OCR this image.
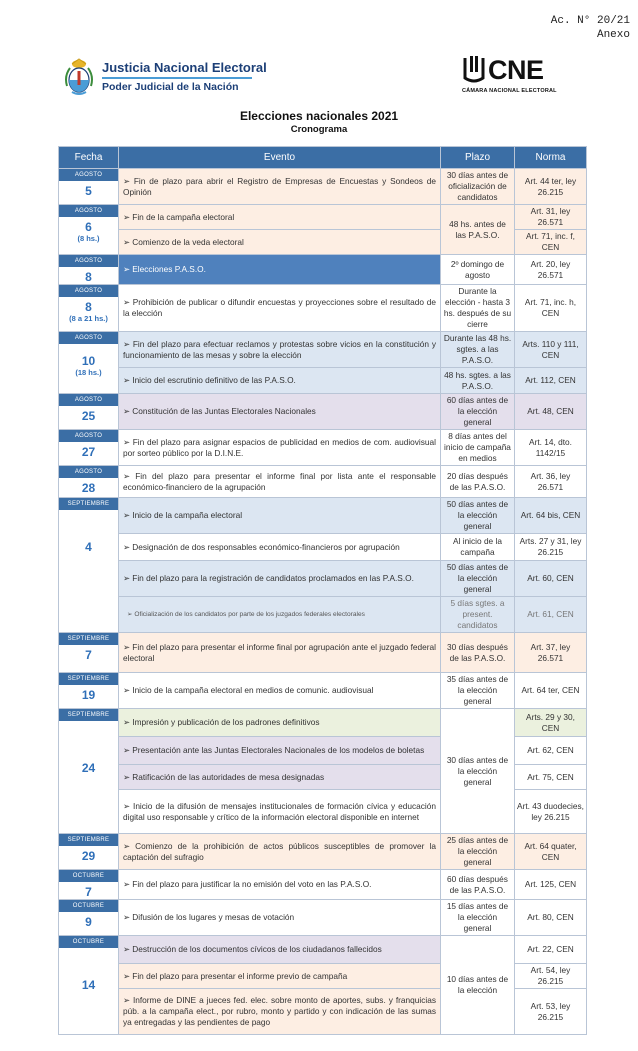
Ac. N° 20/21
Anexo
Justicia Nacional Electoral
Poder Judicial de la Nación
CNE
CÁMARA NACIONAL ELECTORAL
Elecciones nacionales 2021
Cronograma
Fecha	Evento	Plazo	Norma

AGOSTO
5	➢ Fin de plazo para abrir el Registro de Empresas de Encuestas y Sondeos de Opinión	30 días antes de oficialización de candidatos	Art. 44 ter, ley 26.215

AGOSTO
6
(8 hs.)	➢ Fin de la campaña electoral	48 hs. antes de las P.A.S.O.	Art. 31, ley 26.571
	➢ Comienzo de la veda electoral		Art. 71, inc. f, CEN

AGOSTO
8	➢ Elecciones P.A.S.O.	2º domingo de agosto	Art. 20, ley 26.571

AGOSTO
8
(8 a 21 hs.)	➢ Prohibición de publicar o difundir encuestas y proyecciones sobre el resultado de la elección	Durante la elección - hasta 3 hs. después de su cierre	Art. 71, inc. h, CEN

AGOSTO
10
(18 hs.)	➢ Fin del plazo para efectuar reclamos y protestas sobre vicios en la constitución y funcionamiento de las mesas y sobre la elección	Durante las 48 hs. sgtes. a las P.A.S.O.	Arts. 110 y 111, CEN
	➢ Inicio del escrutinio definitivo de las P.A.S.O.	48 hs. sgtes. a las P.A.S.O.	Art. 112, CEN

AGOSTO
25	➢ Constitución de las Juntas Electorales Nacionales	60 días antes de la elección general	Art. 48, CEN

AGOSTO
27	➢ Fin del plazo para asignar espacios de publicidad en medios de com. audiovisual por sorteo público por la D.I.N.E.	8 días antes del inicio de campaña en medios	Art. 14, dto. 1142/15

AGOSTO
28	➢ Fin del plazo para presentar el informe final por lista ante el responsable económico-financiero de la agrupación	20 días después de las P.A.S.O.	Art. 36, ley 26.571

SEPTIEMBRE
4	➢ Inicio de la campaña electoral	50 días antes de la elección general	Art. 64 bis, CEN
	➢ Designación de dos responsables económico-financieros por agrupación	Al inicio de la campaña	Arts. 27 y 31, ley 26.215
	➢ Fin del plazo para la registración de candidatos proclamados en las P.A.S.O.	50 días antes de la elección general	Art. 60, CEN
	➢ Oficialización de los candidatos por parte de los juzgados federales electorales	5 días sgtes. a present. candidatos	Art. 61, CEN

SEPTIEMBRE
7	➢ Fin del plazo para presentar el informe final por agrupación ante el juzgado federal electoral	30 días después de las P.A.S.O.	Art. 37, ley 26.571

SEPTIEMBRE
19	➢ Inicio de la campaña electoral en medios de comunic. audiovisual	35 días antes de la elección general	Art. 64 ter, CEN

SEPTIEMBRE
24	➢ Impresión y publicación de los padrones definitivos	30 días antes de la elección general	Arts. 29 y 30, CEN
	➢ Presentación ante las Juntas Electorales Nacionales de los modelos de boletas		Art. 62, CEN
	➢ Ratificación de las autoridades de mesa designadas		Art. 75, CEN
	➢ Inicio de la difusión de mensajes institucionales de formación cívica y educación digital uso responsable y crítico de la información electoral disponible en internet		Art. 43 duodecies, ley 26.215

SEPTIEMBRE
29	➢ Comienzo de la prohibición de actos públicos susceptibles de promover la captación del sufragio	25 días antes de la elección general	Art. 64 quater, CEN

OCTUBRE
7	➢ Fin del plazo para justificar la no emisión del voto en las P.A.S.O.	60 días después de las P.A.S.O.	Art. 125, CEN

OCTUBRE
9	➢ Difusión de los lugares y mesas de votación	15 días antes de la elección general	Art. 80, CEN

OCTUBRE
14	➢ Destrucción de los documentos cívicos de los ciudadanos fallecidos	10 días antes de la elección	Art. 22, CEN
	➢ Fin del plazo para presentar el informe previo de campaña		Art. 54, ley 26.215
	➢ Informe de DINE a jueces fed. elec. sobre monto de aportes, subs. y franquicias púb. a la campaña elect., por rubro, monto y partido y con indicación de las sumas ya entregadas y las pendientes de pago		Art. 53, ley 26.215
